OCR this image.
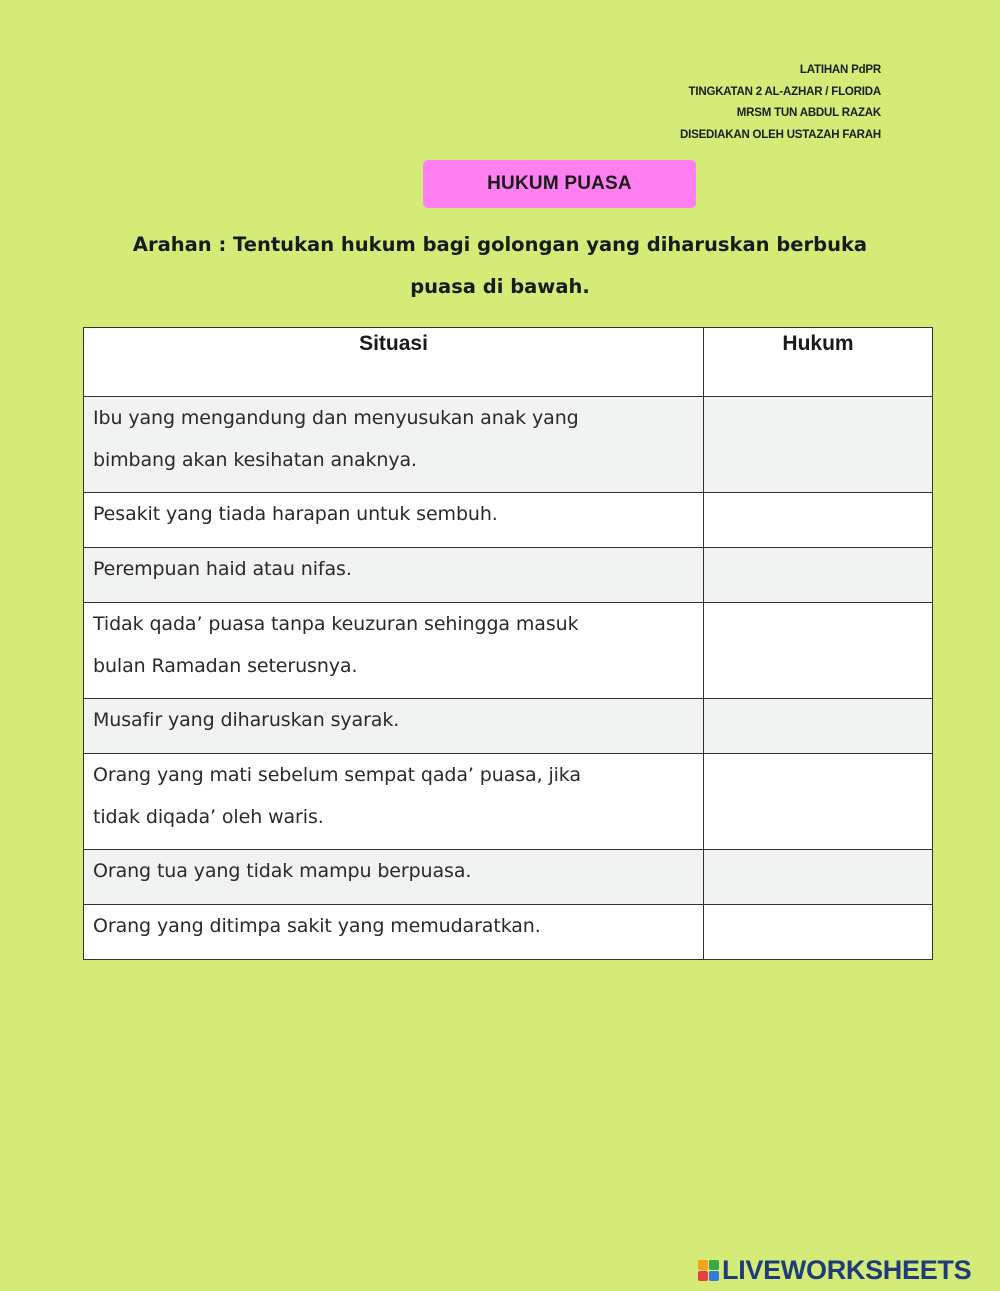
LATIHAN PdPR
TINGKATAN 2 AL-AZHAR / FLORIDA
MRSM TUN ABDUL RAZAK
DISEDIAKAN OLEH USTAZAH FARAH
HUKUM PUASA
Arahan : Tentukan hukum bagi golongan yang diharuskan berbuka
puasa di bawah.
Situasi	Hukum

Ibu yang mengandung dan menyusukan anak yang
bimbang akan kesihatan anaknya.	

Pesakit yang tiada harapan untuk sembuh.	

Perempuan haid atau nifas.	

Tidak qada’ puasa tanpa keuzuran sehingga masuk
bulan Ramadan seterusnya.	

Musafir yang diharuskan syarak.	

Orang yang mati sebelum sempat qada’ puasa, jika
tidak diqada’ oleh waris.	

Orang tua yang tidak mampu berpuasa.	

Orang yang ditimpa sakit yang memudaratkan.	

LIVEWORKSHEETS
